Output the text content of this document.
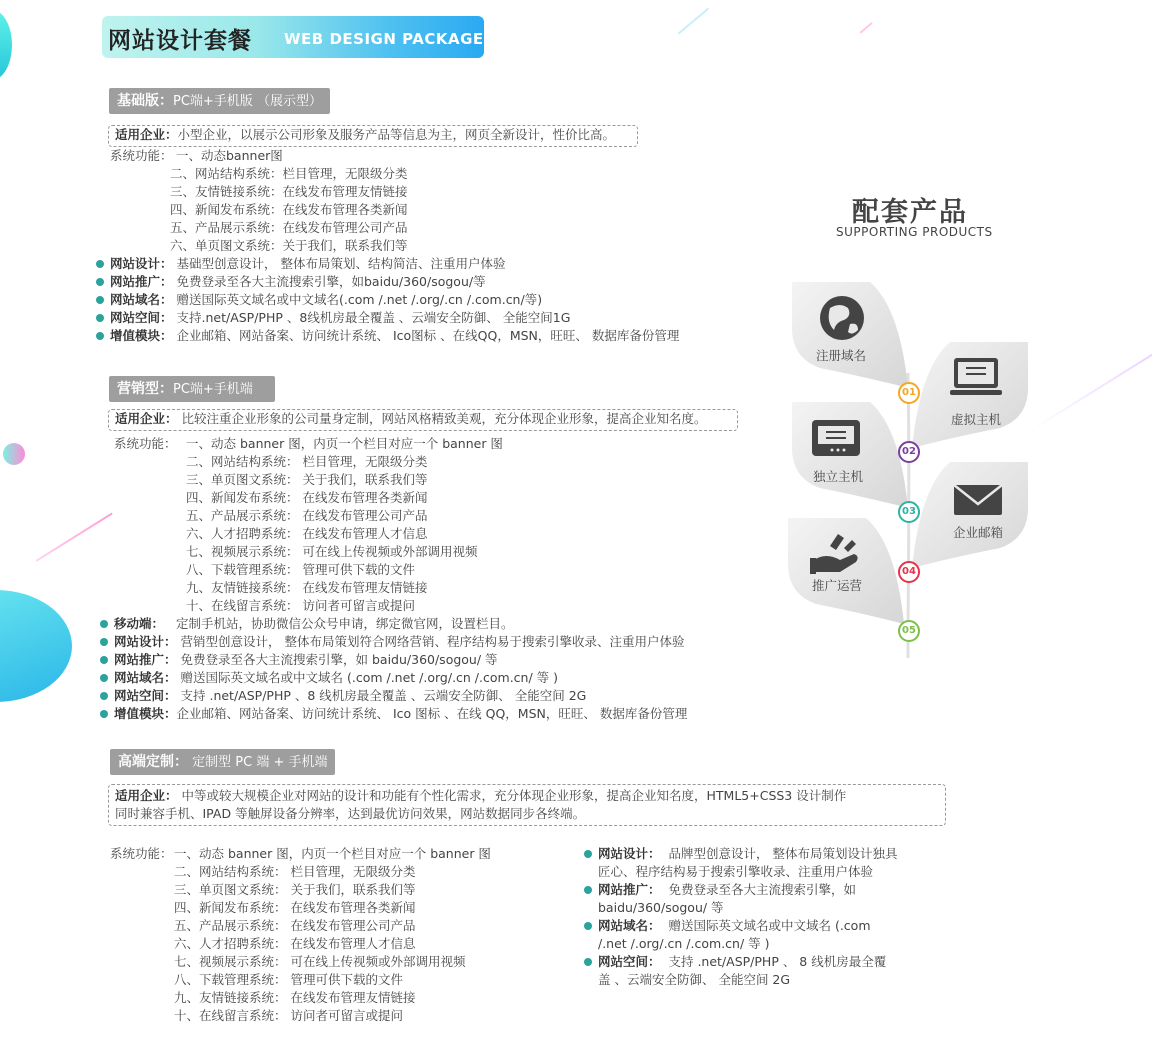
网站设计套餐 WEB DESIGN PACKAGE
基础版：PC端+手机版 （展示型）
适用企业：小型企业，以展示公司形象及服务产品等信息为主，网页全新设计，性价比高。
系统功能： 一、动态banner图
二、网站结构系统：栏目管理，无限级分类
三、友情链接系统：在线发布管理友情链接
四、新闻发布系统：在线发布管理各类新闻
五、产品展示系统：在线发布管理公司产品
六、单页图文系统：关于我们，联系我们等
网站设计： 基础型创意设计， 整体布局策划、结构简洁、注重用户体验
网站推广： 免费登录至各大主流搜索引擎，如baidu/360/sogou/等
网站域名： 赠送国际英文域名或中文域名(.com /.net /.org/.cn /.com.cn/等)
网站空间： 支持.net/ASP/PHP 、8线机房最全覆盖 、云端安全防御、 全能空间1G
增值模块： 企业邮箱、网站备案、访问统计系统、 Ico图标 、在线QQ，MSN，旺旺、 数据库备份管理
营销型：PC端+手机端
适用企业： 比较注重企业形象的公司量身定制，网站风格精致美观，充分体现企业形象，提高企业知名度。
系统功能： 一、动态 banner 图，内页一个栏目对应一个 banner 图
二、网站结构系统： 栏目管理，无限级分类
三、单页图文系统： 关于我们，联系我们等
四、新闻发布系统： 在线发布管理各类新闻
五、产品展示系统： 在线发布管理公司产品
六、人才招聘系统： 在线发布管理人才信息
七、视频展示系统： 可在线上传视频或外部调用视频
八、下载管理系统： 管理可供下载的文件
九、友情链接系统： 在线发布管理友情链接
十、在线留言系统： 访问者可留言或提问
移动端： 定制手机站，协助微信公众号申请，绑定微官网，设置栏目。
网站设计： 营销型创意设计， 整体布局策划符合网络营销、程序结构易于搜索引擎收录、注重用户体验
网站推广： 免费登录至各大主流搜索引擎，如 baidu/360/sogou/ 等
网站域名： 赠送国际英文域名或中文域名 (.com /.net /.org/.cn /.com.cn/ 等 )
网站空间： 支持 .net/ASP/PHP 、8 线机房最全覆盖 、云端安全防御、 全能空间 2G
增值模块：企业邮箱、网站备案、访问统计系统、 Ico 图标 、在线 QQ，MSN，旺旺、 数据库备份管理
高端定制： 定制型 PC 端 + 手机端
适用企业： 中等或较大规模企业对网站的设计和功能有个性化需求，充分体现企业形象，提高企业知名度，HTML5+CSS3 设计制作
同时兼容手机、IPAD 等触屏设备分辨率，达到最优访问效果，网站数据同步各终端。
系统功能： 一、动态 banner 图，内页一个栏目对应一个 banner 图
二、网站结构系统： 栏目管理，无限级分类
三、单页图文系统： 关于我们，联系我们等
四、新闻发布系统： 在线发布管理各类新闻
五、产品展示系统： 在线发布管理公司产品
六、人才招聘系统： 在线发布管理人才信息
七、视频展示系统： 可在线上传视频或外部调用视频
八、下载管理系统： 管理可供下载的文件
九、友情链接系统： 在线发布管理友情链接
十、在线留言系统： 访问者可留言或提问
网站设计： 品牌型创意设计， 整体布局策划设计独具
匠心、程序结构易于搜索引擎收录、注重用户体验
网站推广： 免费登录至各大主流搜索引擎，如
baidu/360/sogou/ 等
网站域名： 赠送国际英文域名或中文域名 (.com
/.net /.org/.cn /.com.cn/ 等 )
网站空间： 支持 .net/ASP/PHP 、 8 线机房最全覆
盖 、云端安全防御、 全能空间 2G
配套产品
SUPPORTING PRODUCTS
注册域名
虚拟主机
独立主机
企业邮箱
推广运营
01
02
03
04
05
